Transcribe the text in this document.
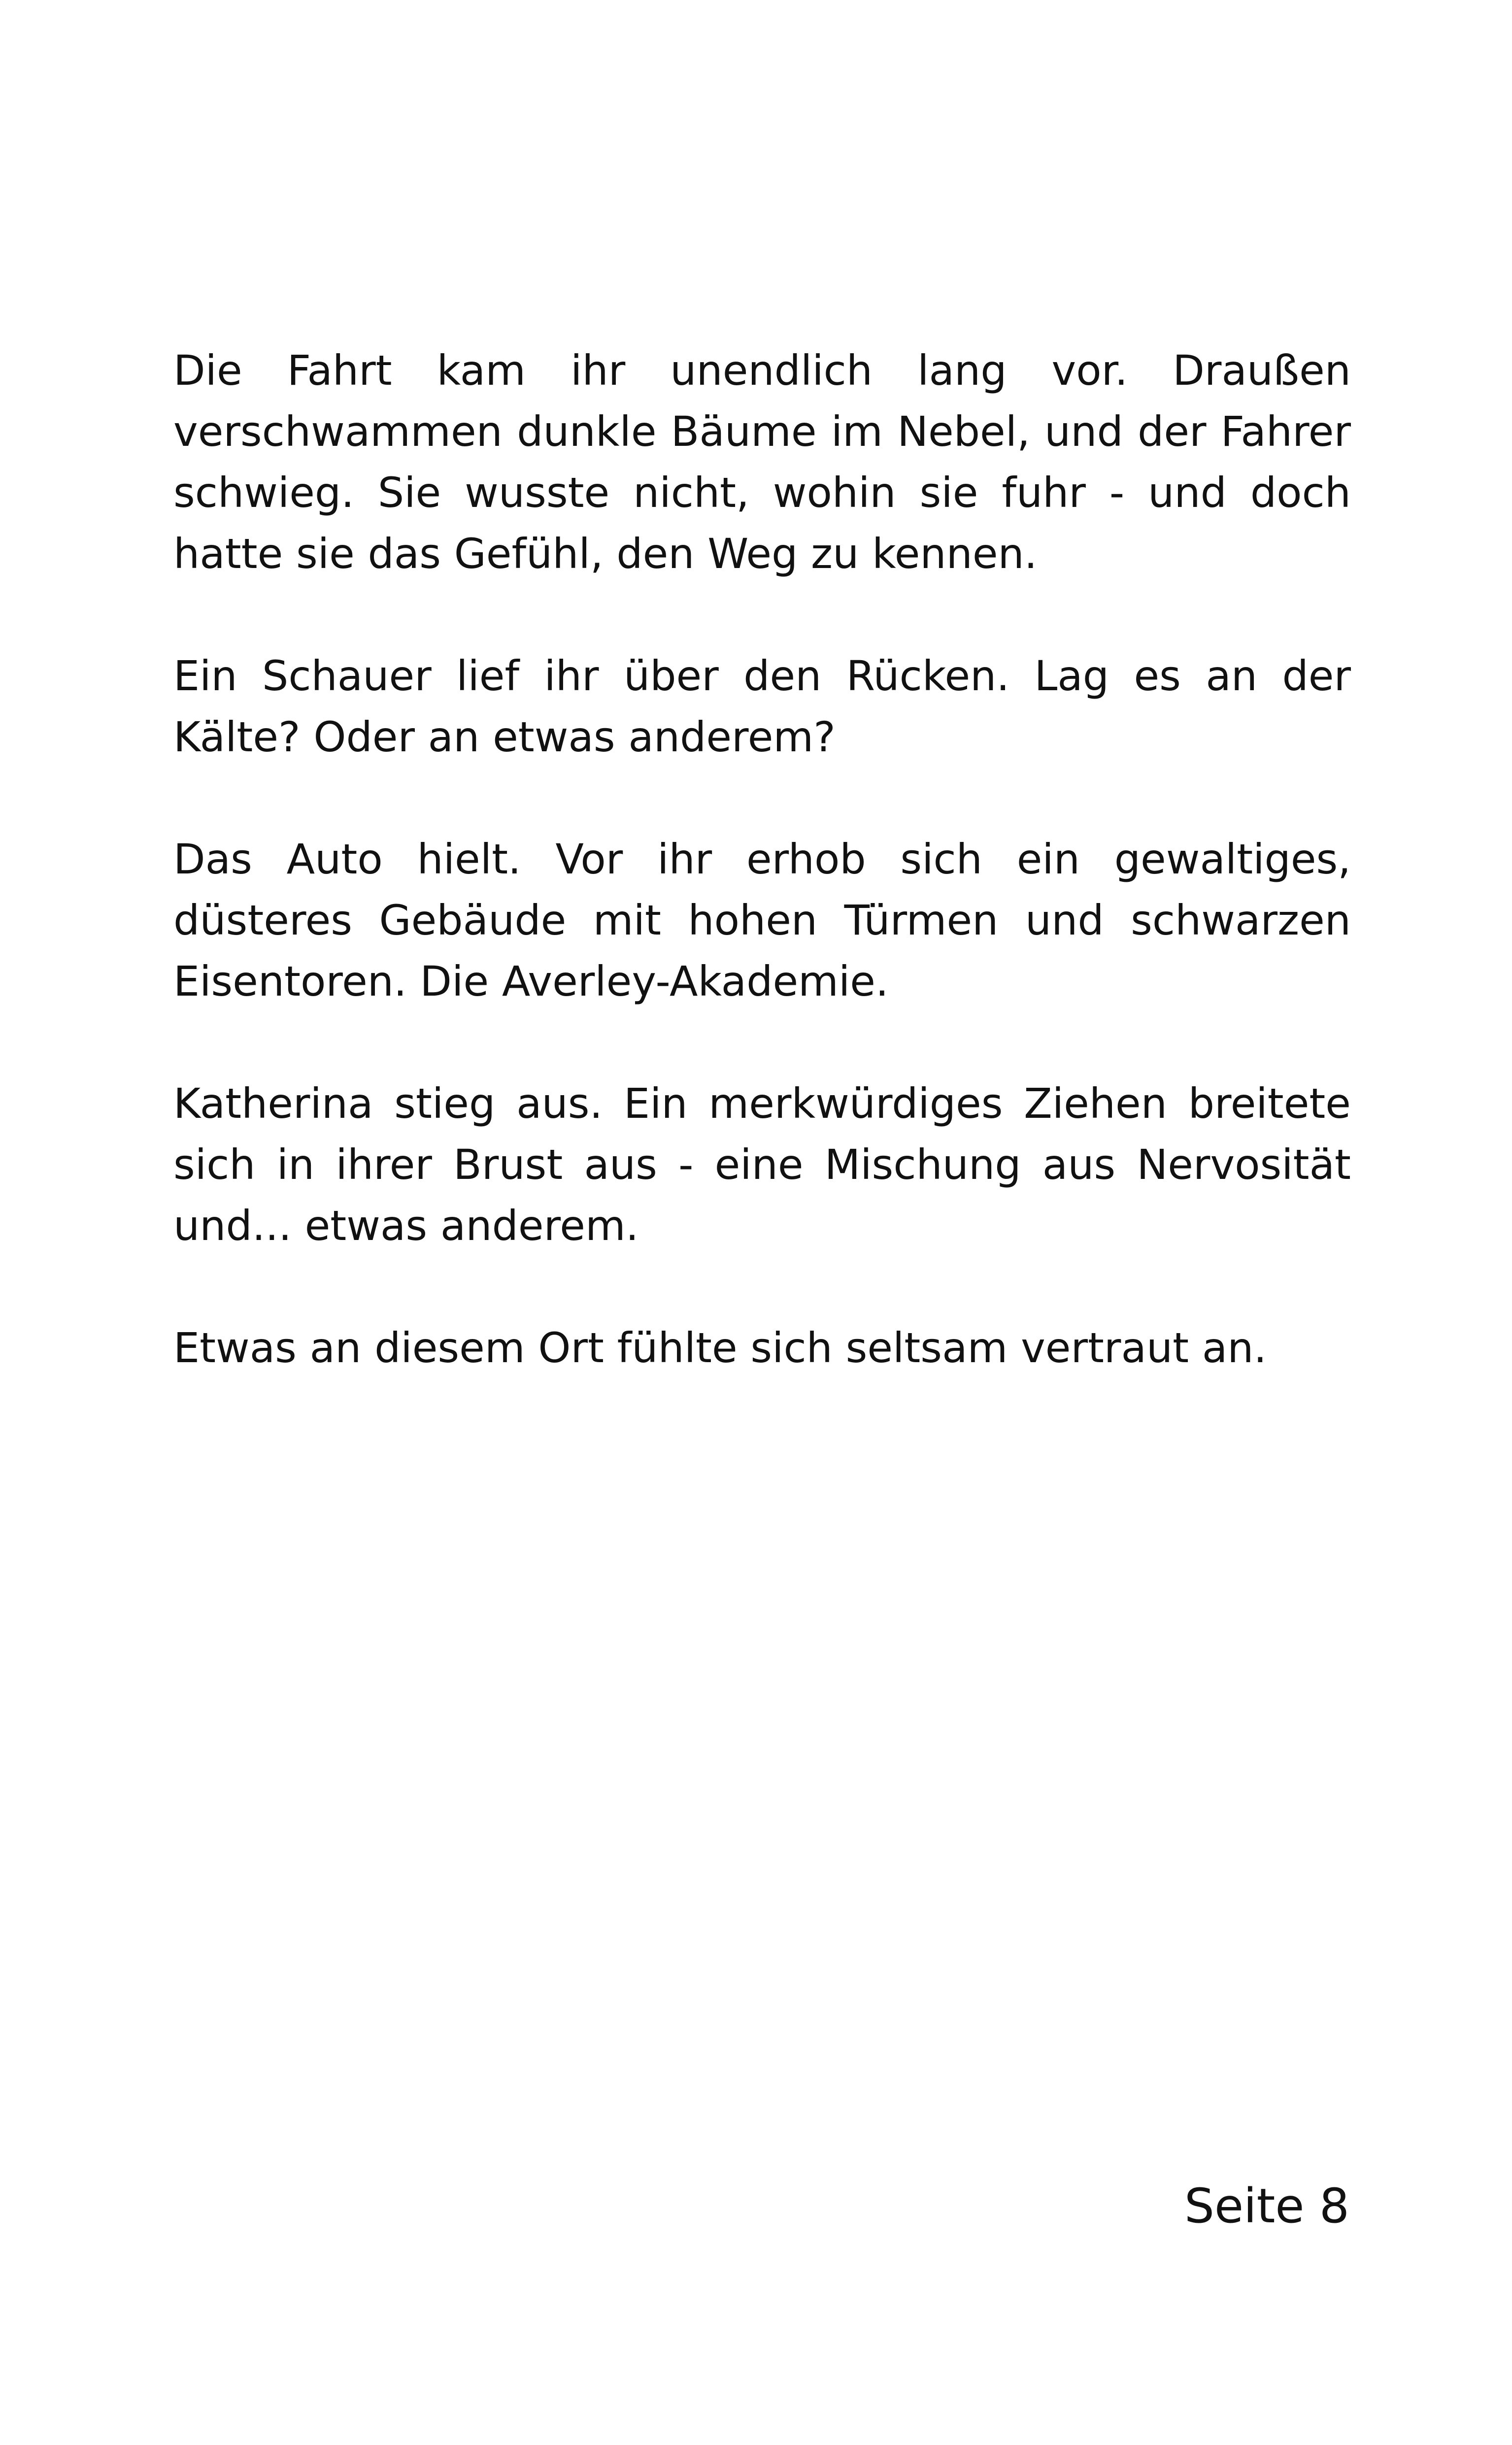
Die Fahrt kam ihr unendlich lang vor. Draußen verschwammen dunkle Bäume im Nebel, und der Fahrer schwieg. Sie wusste nicht, wohin sie fuhr - und doch hatte sie das Gefühl, den Weg zu kennen.

Ein Schauer lief ihr über den Rücken. Lag es an der Kälte? Oder an etwas anderem?

Das Auto hielt. Vor ihr erhob sich ein gewaltiges, düsteres Gebäude mit hohen Türmen und schwarzen Eisentoren. Die Averley-Akademie.

Katherina stieg aus. Ein merkwürdiges Ziehen breitete sich in ihrer Brust aus - eine Mischung aus Nervosität und... etwas anderem.

Etwas an diesem Ort fühlte sich seltsam vertraut an.

Seite 8
